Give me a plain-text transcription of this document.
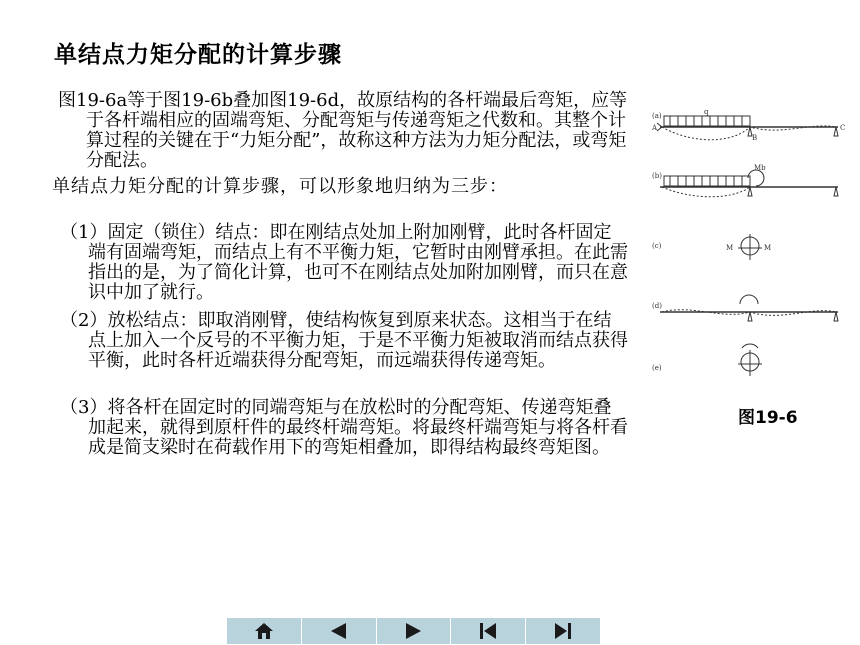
单结点力矩分配的计算步骤

图19-6a等于图19-6b叠加图19-6d，故原结构的各杆端最后弯矩，应等于各杆端相应的固端弯矩、分配弯矩与传递弯矩之代数和。其整个计算过程的关键在于“力矩分配”，故称这种方法为力矩分配法，或弯矩分配法。

单结点力矩分配的计算步骤，可以形象地归纳为三步：

（1）固定（锁住）结点：即在刚结点处加上附加刚臂，此时各杆固定端有固端弯矩，而结点上有不平衡力矩，它暂时由刚臂承担。在此需指出的是，为了简化计算，也可不在刚结点处加附加刚臂，而只在意识中加了就行。

（2）放松结点：即取消刚臂，使结构恢复到原来状态。这相当于在结点上加入一个反号的不平衡力矩，于是不平衡力矩被取消而结点获得平衡，此时各杆近端获得分配弯矩，而远端获得传递弯矩。

（3）将各杆在固定时的同端弯矩与在放松时的分配弯矩、传递弯矩叠加起来，就得到原杆件的最终杆端弯矩。将最终杆端弯矩与将各杆看成是简支梁时在荷载作用下的弯矩相叠加，即得结构最终弯矩图。

(a)	q
A
B
C
(b)
Mb
(c)	M	M
(d)
(e)
图19-6
